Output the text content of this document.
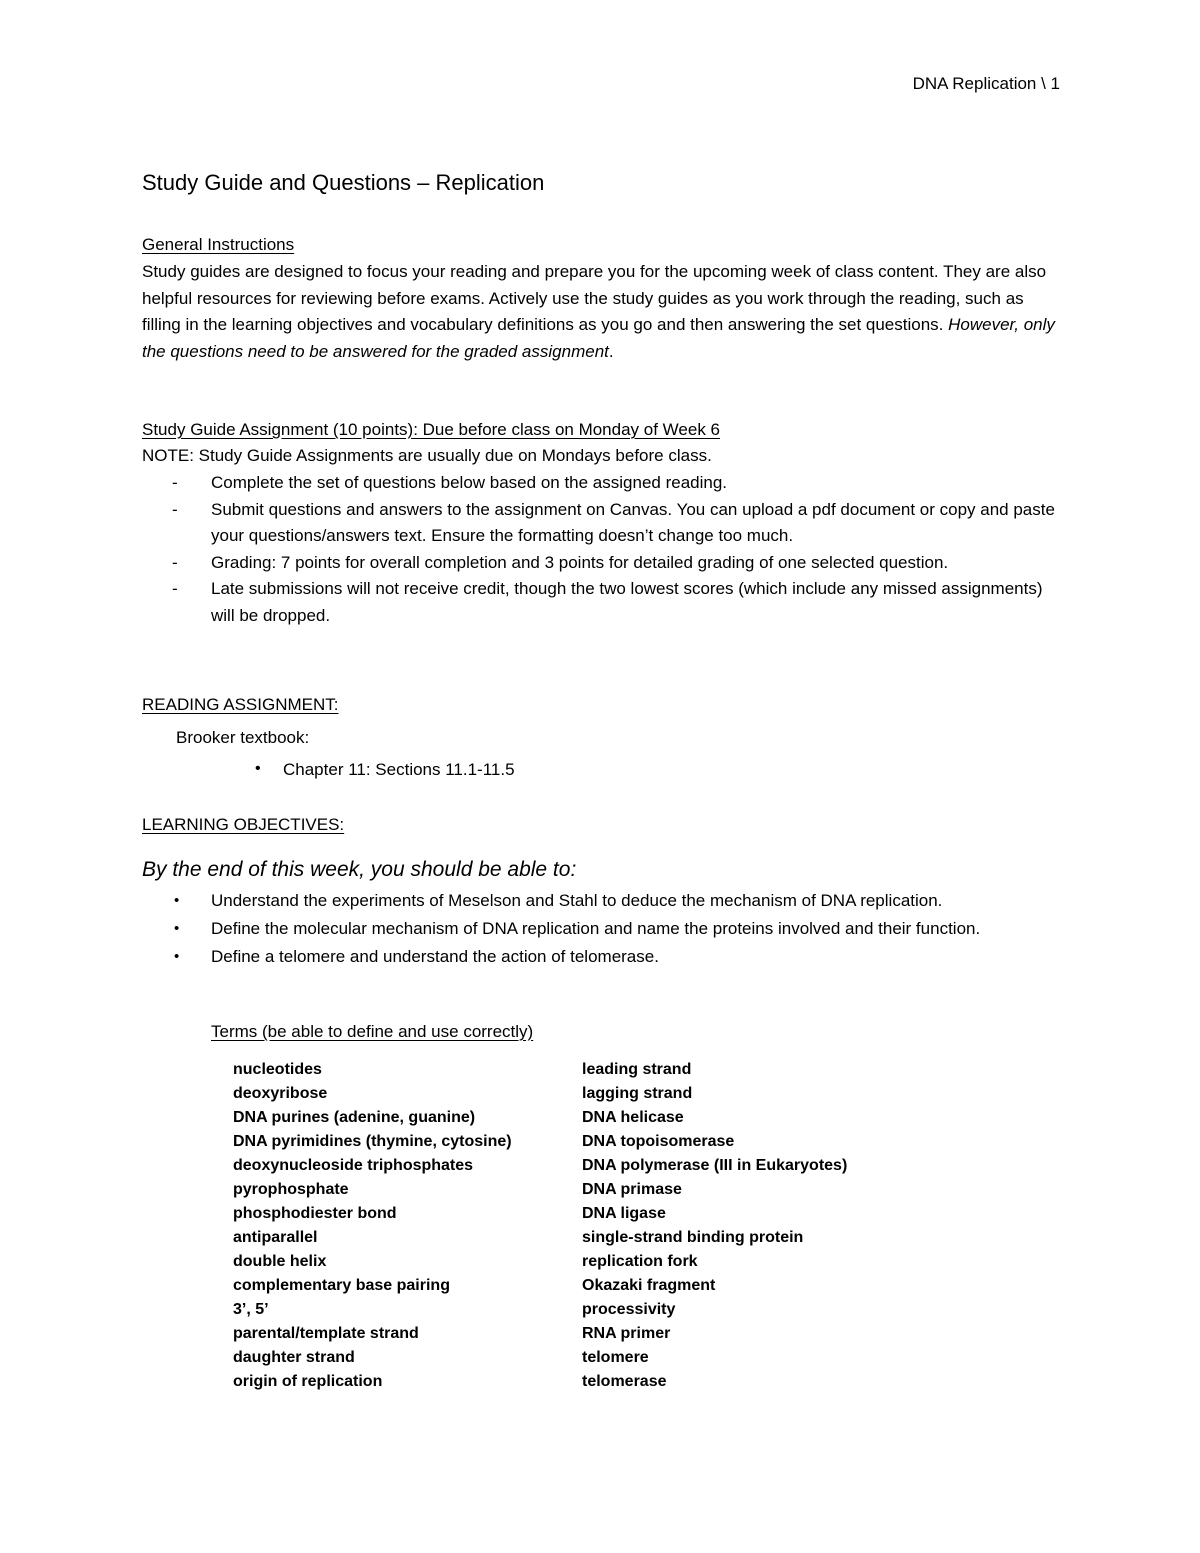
DNA Replication \ 1
Study Guide and Questions – Replication
General Instructions
Study guides are designed to focus your reading and prepare you for the upcoming week of class content. They are also helpful resources for reviewing before exams. Actively use the study guides as you work through the reading, such as filling in the learning objectives and vocabulary definitions as you go and then answering the set questions. However, only the questions need to be answered for the graded assignment.
Study Guide Assignment (10 points): Due before class on Monday of Week 6
NOTE: Study Guide Assignments are usually due on Mondays before class.
- Complete the set of questions below based on the assigned reading.
- Submit questions and answers to the assignment on Canvas. You can upload a pdf document or copy and paste your questions/answers text. Ensure the formatting doesn’t change too much.
- Grading: 7 points for overall completion and 3 points for detailed grading of one selected question.
- Late submissions will not receive credit, though the two lowest scores (which include any missed assignments) will be dropped.
READING ASSIGNMENT:
Brooker textbook:
• Chapter 11: Sections 11.1-11.5
LEARNING OBJECTIVES:
By the end of this week, you should be able to:
• Understand the experiments of Meselson and Stahl to deduce the mechanism of DNA replication.
• Define the molecular mechanism of DNA replication and name the proteins involved and their function.
• Define a telomere and understand the action of telomerase.
Terms (be able to define and use correctly)
nucleotides
deoxyribose
DNA purines (adenine, guanine)
DNA pyrimidines (thymine, cytosine)
deoxynucleoside triphosphates
pyrophosphate
phosphodiester bond
antiparallel
double helix
complementary base pairing
3’, 5’
parental/template strand
daughter strand
origin of replication
leading strand
lagging strand
DNA helicase
DNA topoisomerase
DNA polymerase (III in Eukaryotes)
DNA primase
DNA ligase
single-strand binding protein
replication fork
Okazaki fragment
processivity
RNA primer
telomere
telomerase
